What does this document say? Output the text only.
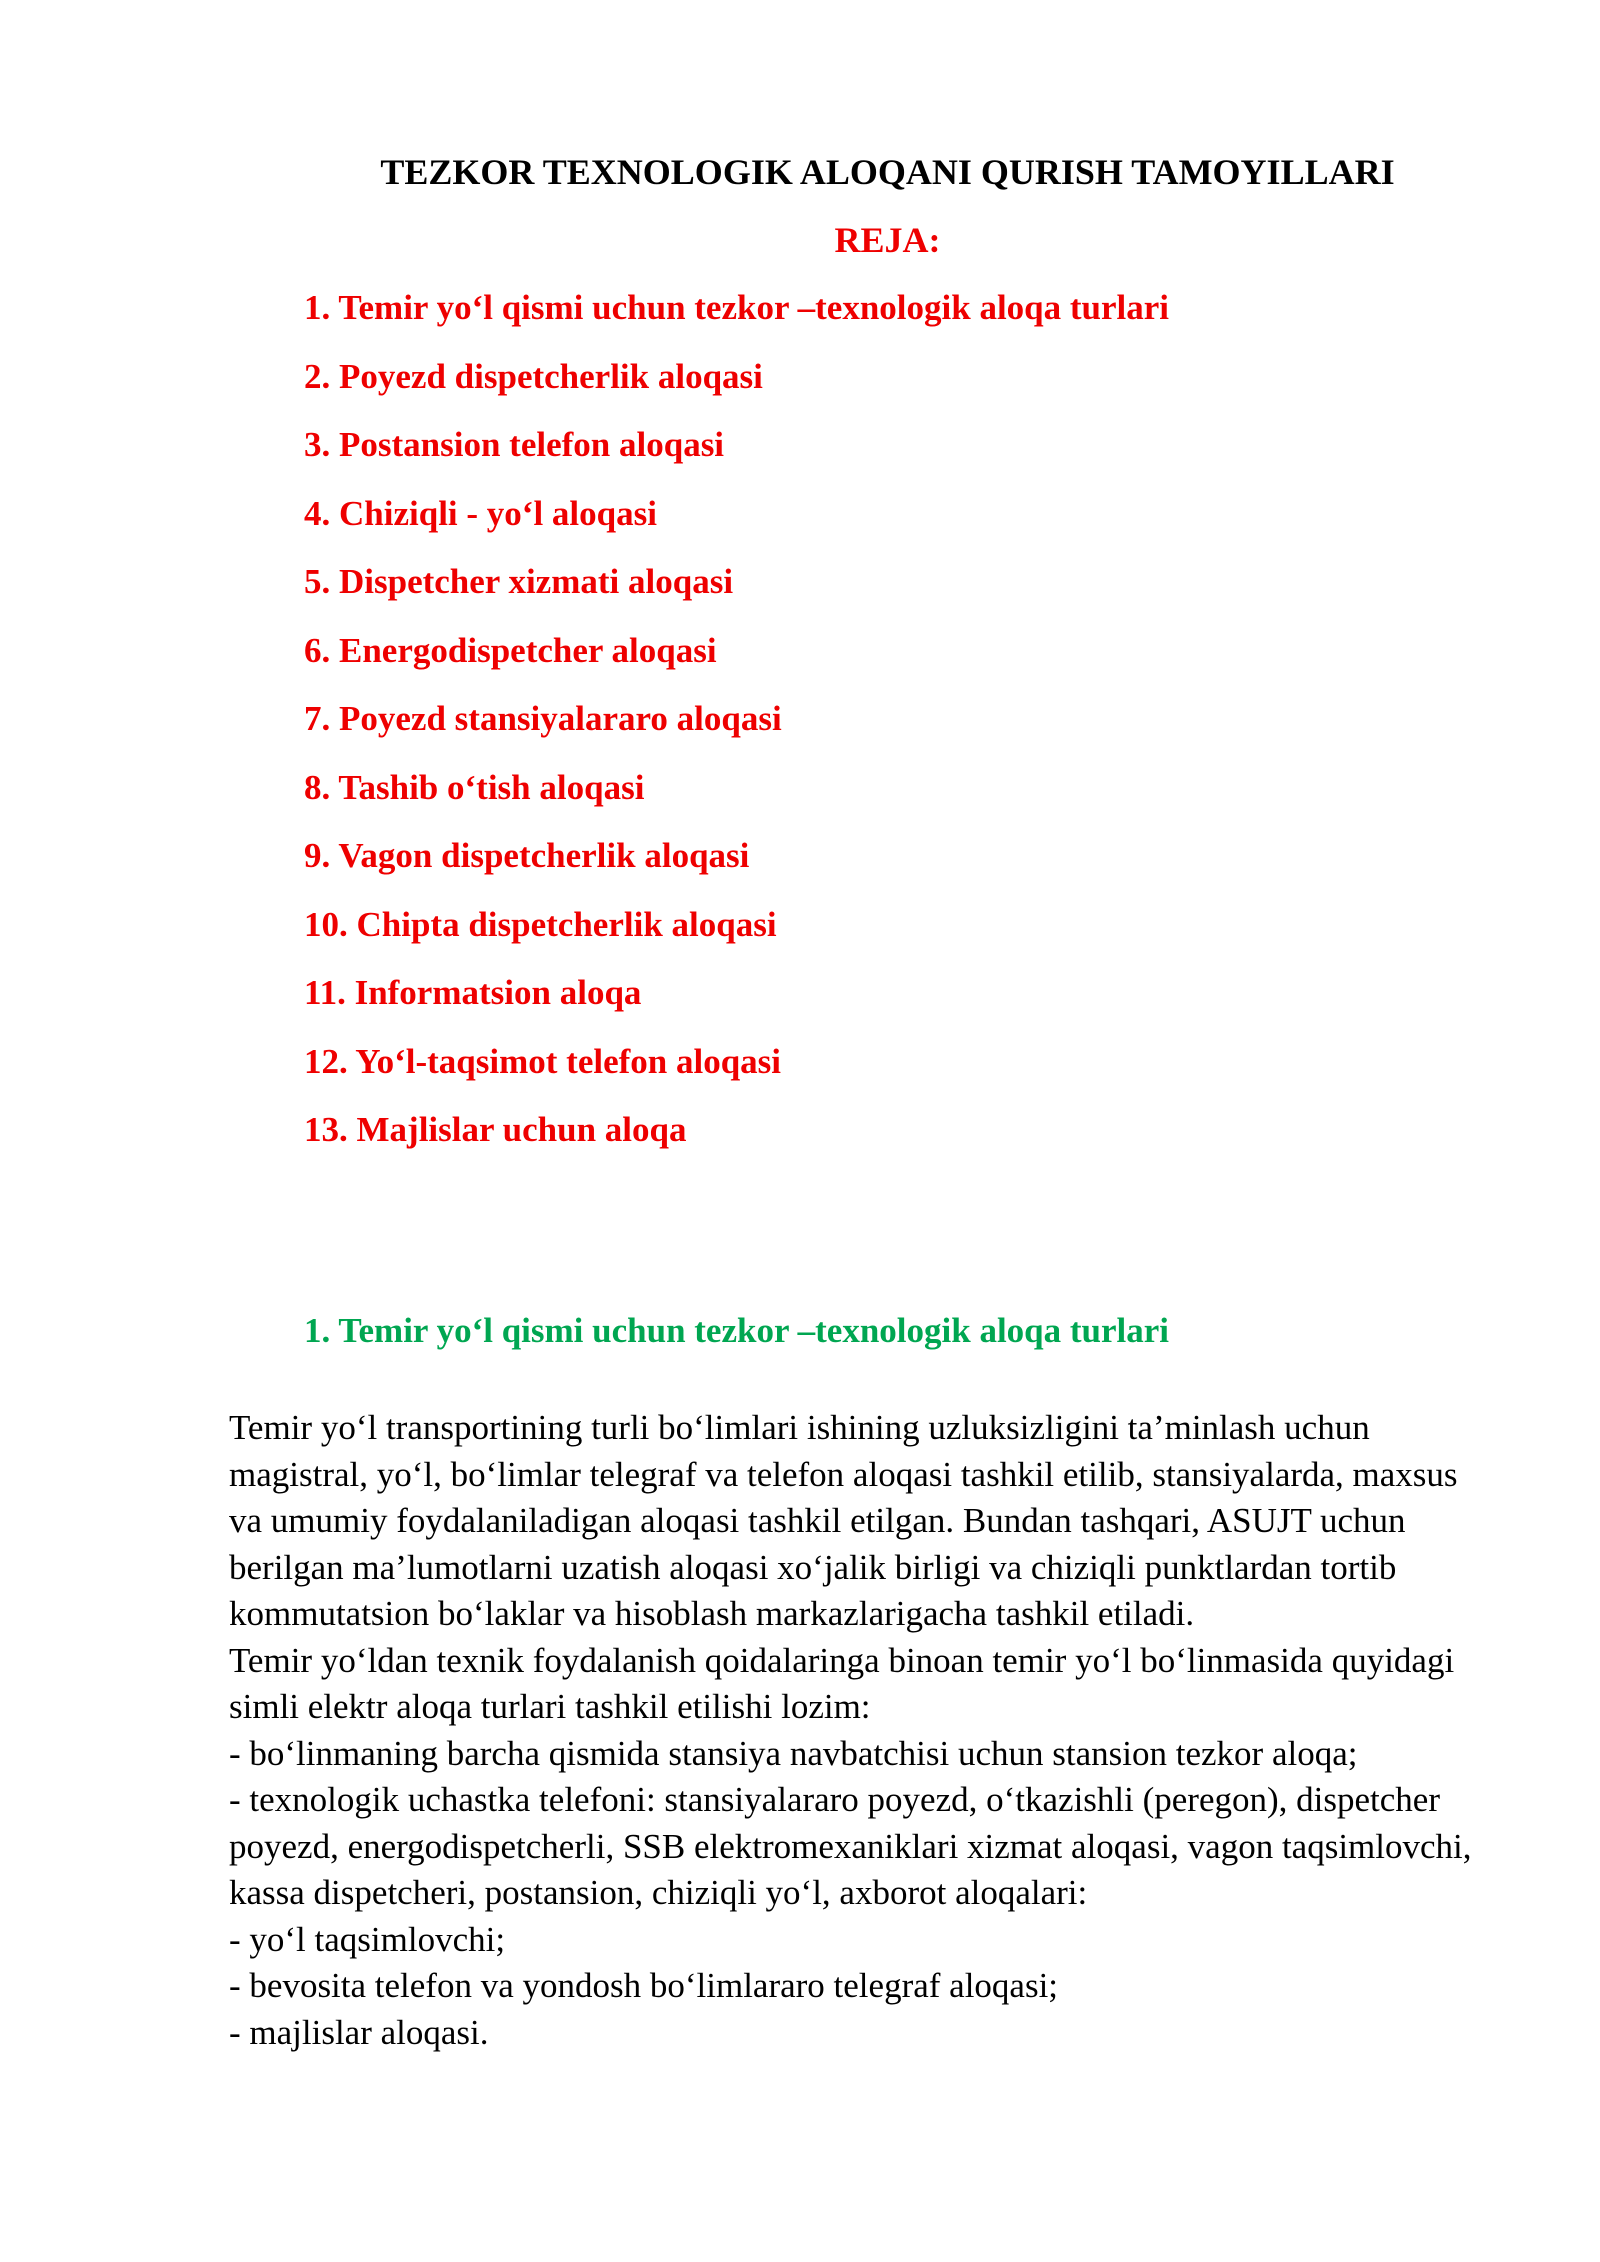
TEZKOR TEXNOLOGIK ALOQANI QURISH TAMOYILLARI
REJA:
1. Temir yo‘l qismi uchun tezkor –texnologik aloqa turlari
2. Poyezd dispetcherlik aloqasi
3. Postansion telefon aloqasi
4. Chiziqli - yo‘l aloqasi
5. Dispetcher xizmati aloqasi
6. Energodispetcher aloqasi
7. Poyezd stansiyalararo aloqasi
8. Tashib o‘tish aloqasi
9. Vagon dispetcherlik aloqasi
10. Chipta dispetcherlik aloqasi
11. Informatsion aloqa
12. Yo‘l-taqsimot telefon aloqasi
13. Majlislar uchun aloqa
1. Temir yo‘l qismi uchun tezkor –texnologik aloqa turlari

Temir yo‘l transportining turli bo‘limlari ishining uzluksizligini ta’minlash uchun magistral, yo‘l, bo‘limlar telegraf va telefon aloqasi tashkil etilib, stansiyalarda, maxsus va umumiy foydalaniladigan aloqasi tashkil etilgan. Bundan tashqari, ASUJT uchun berilgan ma’lumotlarni uzatish aloqasi xo‘jalik birligi va chiziqli punktlardan tortib kommutatsion bo‘laklar va hisoblash markazlarigacha tashkil etiladi.

Temir yo‘ldan texnik foydalanish qoidalaringa binoan temir yo‘l bo‘linmasida quyidagi simli elektr aloqa turlari tashkil etilishi lozim:

- bo‘linmaning barcha qismida stansiya navbatchisi uchun stansion tezkor aloqa;

- texnologik uchastka telefoni: stansiyalararo poyezd, o‘tkazishli (peregon), dispetcher poyezd, energodispetcherli, SSB elektromexaniklari xizmat aloqasi, vagon taqsimlovchi, kassa dispetcheri, postansion, chiziqli yo‘l, axborot aloqalari:

- yo‘l taqsimlovchi;

- bevosita telefon va yondosh bo‘limlararo telegraf aloqasi;

- majlislar aloqasi.
